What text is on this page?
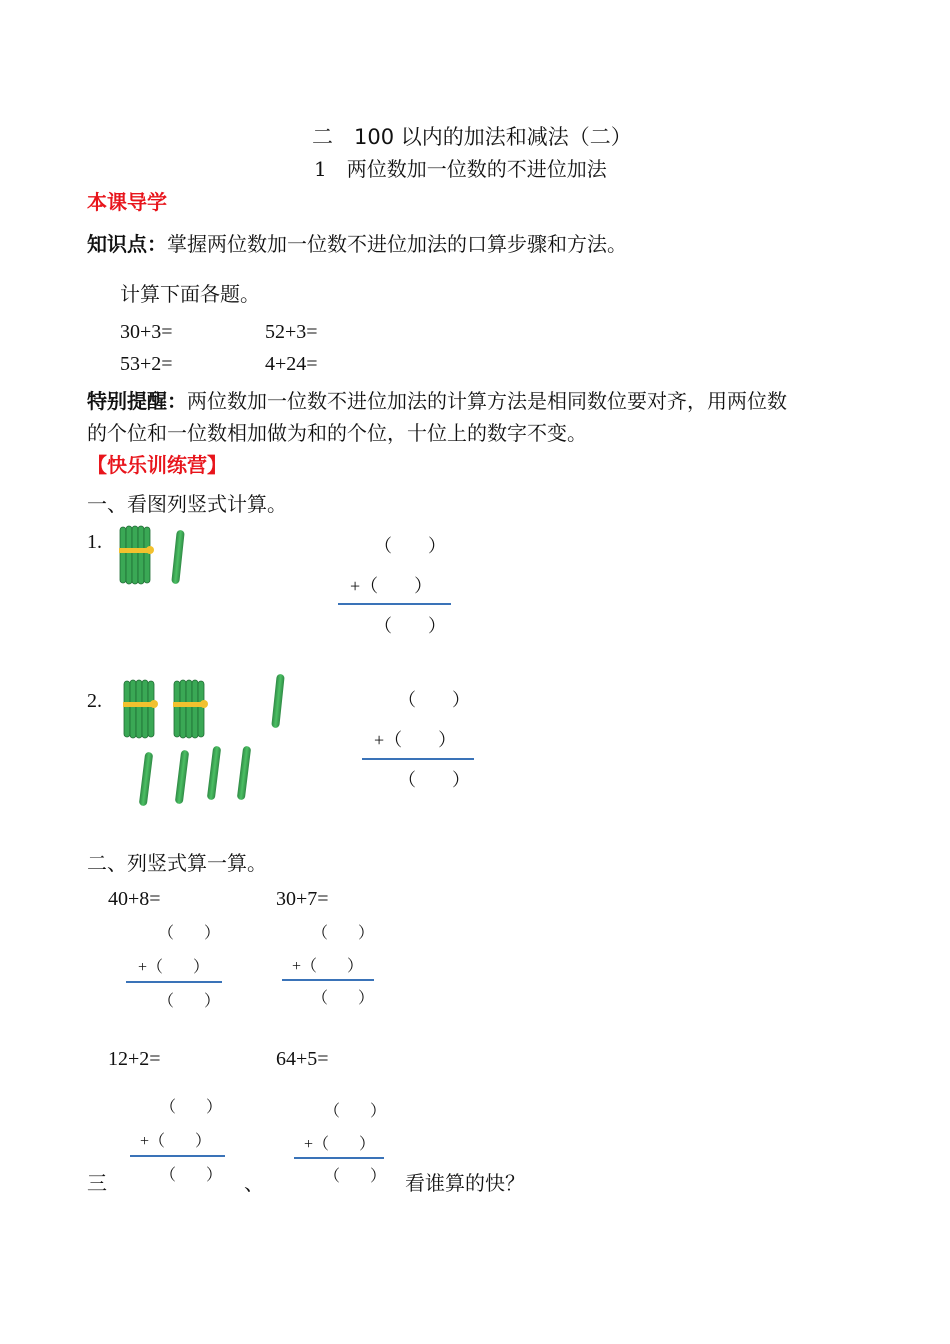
二　100 以内的加法和减法（二）
1　两位数加一位数的不进位加法
本课导学
知识点：掌握两位数加一位数不进位加法的口算步骤和方法。
计算下面各题。
30+3=	52+3=
53+2=	4+24=
特别提醒：两位数加一位数不进位加法的计算方法是相同数位要对齐，用两位数
的个位和一位数相加做为和的个位，十位上的数字不变。
【快乐训练营】
一、看图列竖式计算。
1.	（ ）
+（ ）
（ ）
2.	（ ）
+（ ）
（ ）
二、列竖式算一算。
40+8=	30+7=
（ ）
+（ ）
（ ）
（ ）
+（ ）
（ ）
12+2=	64+5=
（ ）
+（ ）
（ ）
（ ）
+（ ）
（ ）
三	、	看谁算的快？
